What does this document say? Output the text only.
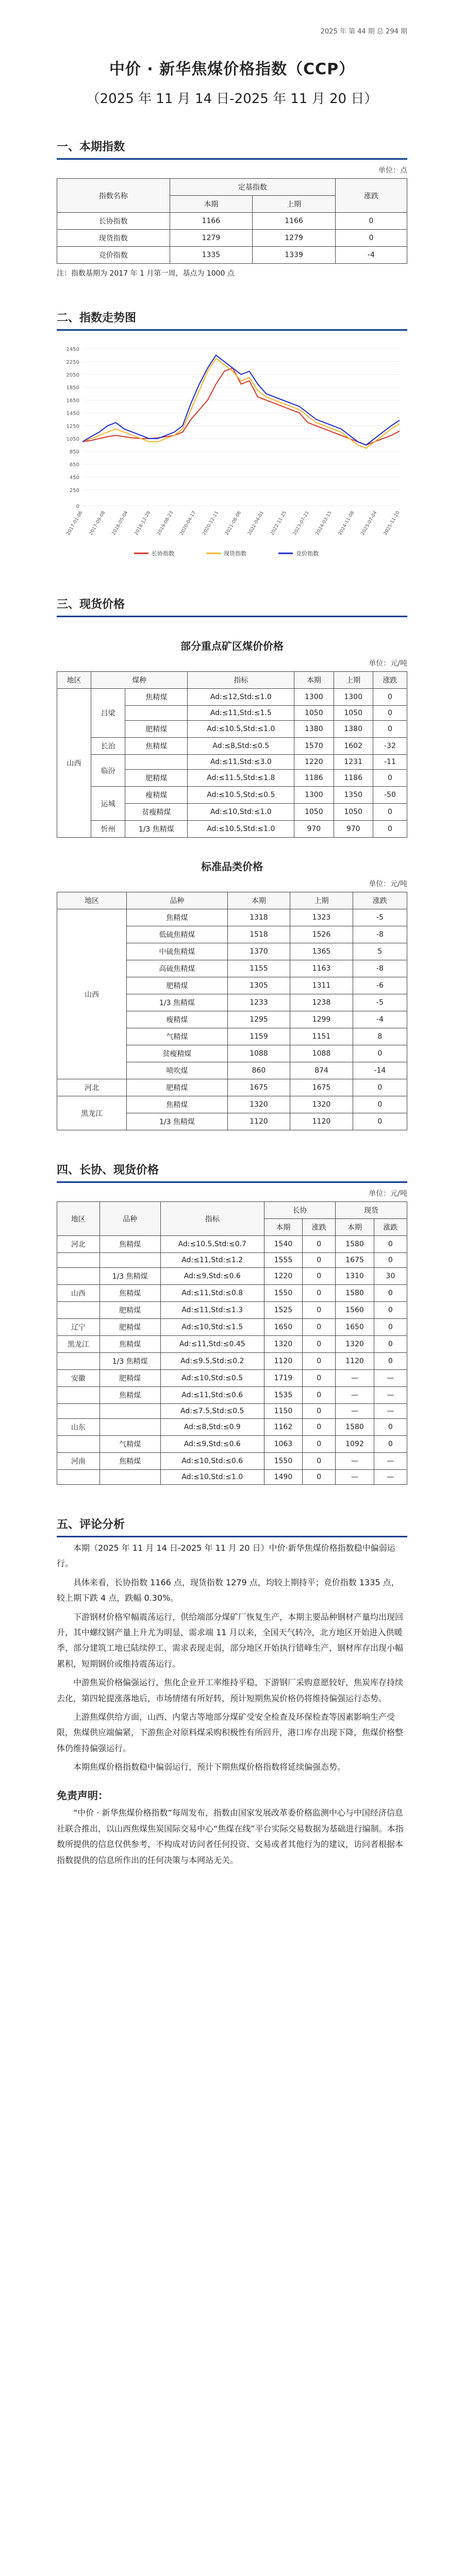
2025 年 第 44 期 总 294 期
中价 · 新华焦煤价格指数（CCP）
（2025 年 11 月 14 日-2025 年 11 月 20 日）
一、本期指数
单位：点
指数名称	定基指数		涨跌
	本期	上期	
长协指数	1166	1166	0
现货指数	1279	1279	0
竞价指数	1335	1339	-4
注：指数基期为 2017 年 1 月第一周，基点为 1000 点
二、指数走势图
0
250
450
650
850
1050
1250
1450
1650
1850
2050
2250
2450
2017-01-06 2017-09-08 2018-05-04 2018-12-28 2019-08-23 2020-04-17 2020-12-11 2021-08-06 2022-04-01 2022-11-25 2023-07-21 2024-03-15 2024-11-08 2025-07-04 2025-11-20
长协指数	现货指数	竞价指数
三、现货价格
部分重点矿区煤价价格
单位：元/吨
地区	煤种		指标	本期	上期	涨跌
山西	吕梁	焦精煤	Ad:≤12,Std:≤1.0	1300	1300	0
			Ad:≤11,Std:≤1.5	1050	1050	0
		肥精煤	Ad:≤10.5,Std:≤1.0	1380	1380	0
	长治	焦精煤	Ad:≤8,Std:≤0.5	1570	1602	-32
	临汾		Ad:≤11,Std:≤3.0	1220	1231	-11
		肥精煤	Ad:≤11.5,Std:≤1.8	1186	1186	0
	运城	瘦精煤	Ad:≤10.5,Std:≤0.5	1300	1350	-50
		贫瘦精煤	Ad:≤10,Std:≤1.0	1050	1050	0
	忻州	1/3 焦精煤	Ad:≤10.5,Std:≤1.0	970	970	0
标准品类价格
单位：元/吨
地区	品种	本期	上期	涨跌
山西	焦精煤	1318	1323	-5
	低硫焦精煤	1518	1526	-8
	中硫焦精煤	1370	1365	5
	高硫焦精煤	1155	1163	-8
	肥精煤	1305	1311	-6
	1/3 焦精煤	1233	1238	-5
	瘦精煤	1295	1299	-4
	气精煤	1159	1151	8
	贫瘦精煤	1088	1088	0
	喷吹煤	860	874	-14
河北	肥精煤	1675	1675	0
黑龙江	焦精煤	1320	1320	0
	1/3 焦精煤	1120	1120	0
四、长协、现货价格
单位：元/吨
地区	品种	指标	长协		现货	
			本期	涨跌	本期	涨跌
河北	焦精煤	Ad:≤10.5,Std:≤0.7	1540	0	1580	0
		Ad:≤11,Std:≤1.2	1555	0	1675	0
	1/3 焦精煤	Ad:≤9,Std:≤0.6	1220	0	1310	30
山西	焦精煤	Ad:≤11,Std:≤0.8	1550	0	1580	0
	肥精煤	Ad:≤11,Std:≤1.3	1525	0	1560	0
辽宁	肥精煤	Ad:≤10,Std:≤1.5	1650	0	1650	0
黑龙江	焦精煤	Ad:≤11,Std:≤0.45	1320	0	1320	0
	1/3 焦精煤	Ad:≤9.5,Std:≤0.2	1120	0	1120	0
安徽	肥精煤	Ad:≤10,Std:≤0.5	1719	0	—	—
	焦精煤	Ad:≤11,Std:≤0.6	1535	0	—	—
		Ad:≤7.5,Std:≤0.5	1150	0	—	—
山东		Ad:≤8,Std:≤0.9	1162	0	1580	0
	气精煤	Ad:≤9,Std:≤0.6	1063	0	1092	0
河南	焦精煤	Ad:≤10,Std:≤0.6	1550	0	—	—
		Ad:≤10,Std:≤1.0	1490	0	—	—
五、评论分析

本期（2025 年 11 月 14 日-2025 年 11 月 20 日）中价·新华焦煤价格指数稳中偏弱运行。

具体来看，长协指数 1166 点，现货指数 1279 点，均较上期持平；竞价指数 1335 点，较上期下跌 4 点，跌幅 0.30%。

下游钢材价格窄幅震荡运行，供给端部分煤矿厂恢复生产，本期主要品种钢材产量均出现回升，其中螺纹钢产量上升尤为明显，需求端 11 月以来，全国天气转冷，北方地区开始进入供暖季，部分建筑工地已陆续停工，需求表现走弱，部分地区开始执行错峰生产，钢材库存出现小幅累积，短期钢价或维持震荡运行。

中游焦炭价格偏强运行，焦化企业开工率维持平稳，下游钢厂采购意愿较好，焦炭库存持续去化，第四轮提涨落地后，市场情绪有所好转，预计短期焦炭价格仍将维持偏强运行态势。

上游焦煤供给方面，山西、内蒙古等地部分煤矿受安全检查及环保检查等因素影响生产受限，焦煤供应端偏紧，下游焦企对原料煤采购积极性有所回升，港口库存出现下降，焦煤价格整体仍维持偏强运行。

本期焦煤价格指数稳中偏弱运行，预计下期焦煤价格指数将延续偏强态势。

免责声明：
“中价 · 新华焦煤价格指数”每周发布，指数由国家发展改革委价格监测中心与中国经济信息社联合推出，以山西焦煤焦炭国际交易中心“焦煤在线”平台实际交易数据为基础进行编制。本指数所提供的信息仅供参考，不构成对访问者任何投资、交易或者其他行为的建议，访问者根据本指数提供的信息所作出的任何决策与本网站无关。
